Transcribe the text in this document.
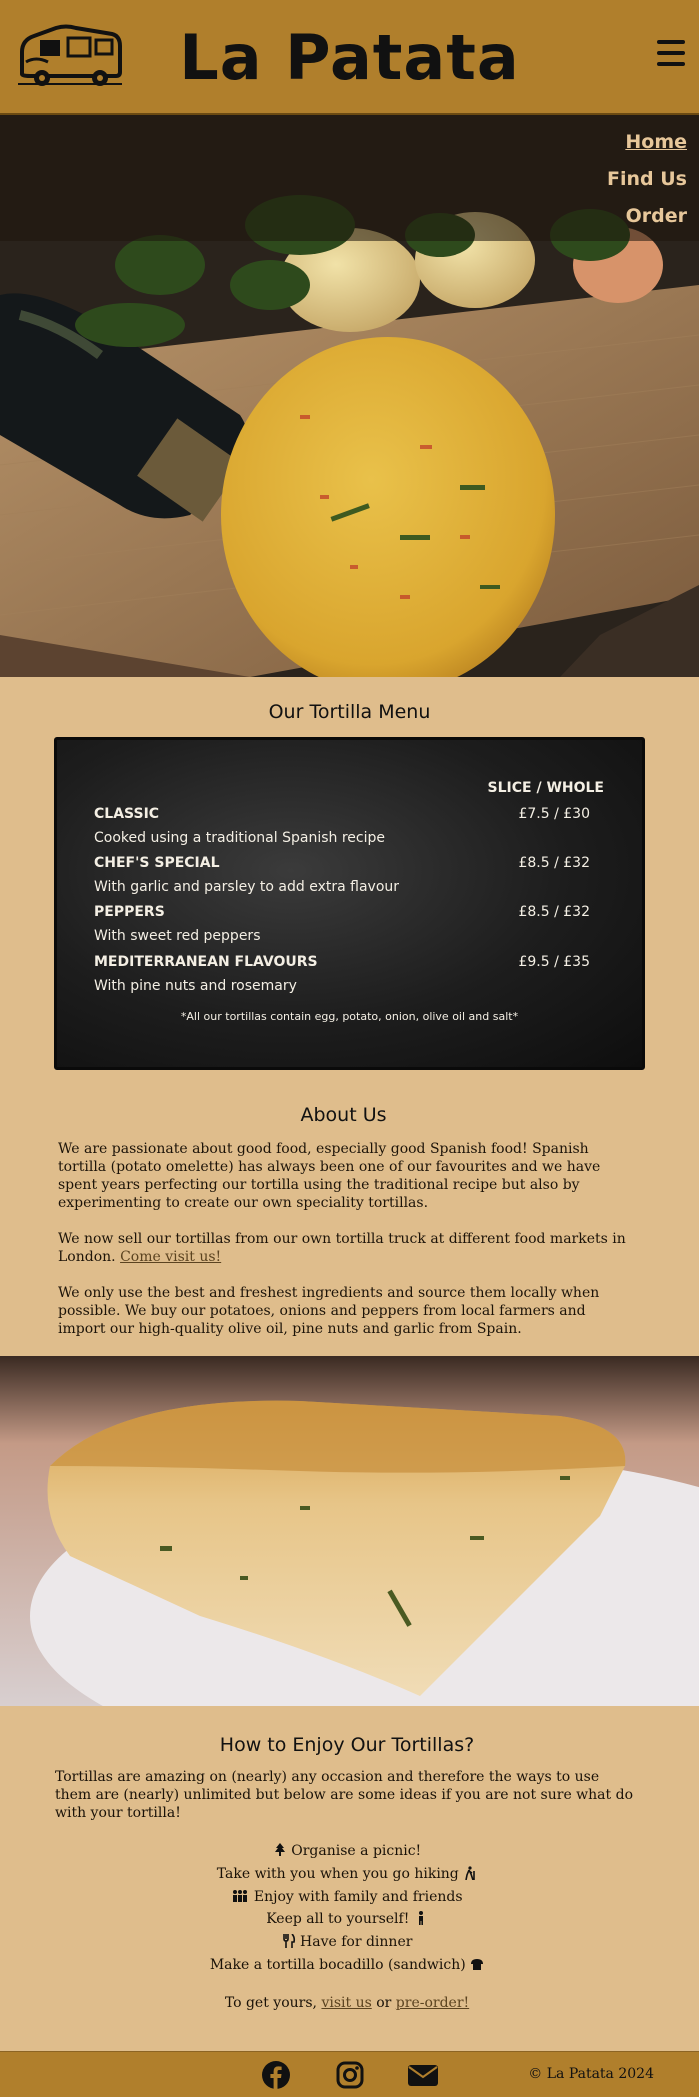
La Patata
Home
Find Us
Order
Our Tortilla Menu
SLICE / WHOLE
CLASSIC	£7.5 / £30
Cooked using a traditional Spanish recipe
CHEF'S SPECIAL	£8.5 / £32
With garlic and parsley to add extra flavour
PEPPERS	£8.5 / £32
With sweet red peppers
MEDITERRANEAN FLAVOURS	£9.5 / £35
With pine nuts and rosemary
*All our tortillas contain egg, potato, onion, olive oil and salt*
About Us

We are passionate about good food, especially good Spanish food! Spanish tortilla (potato omelette) has always been one of our favourites and we have spent years perfecting our tortilla using the traditional recipe but also by experimenting to create our own speciality tortillas.

We now sell our tortillas from our own tortilla truck at different food markets in London. Come visit us!

We only use the best and freshest ingredients and source them locally when possible. We buy our potatoes, onions and peppers from local farmers and import our high-quality olive oil, pine nuts and garlic from Spain.

How to Enjoy Our Tortillas?

Tortillas are amazing on (nearly) any occasion and therefore the ways to use them are (nearly) unlimited but below are some ideas if you are not sure what do with your tortilla!

Organise a picnic!
Take with you when you go hiking
Enjoy with family and friends
Keep all to yourself!
Have for dinner
Make a tortilla bocadillo (sandwich)

To get yours, visit us or pre-order!

© La Patata 2024
